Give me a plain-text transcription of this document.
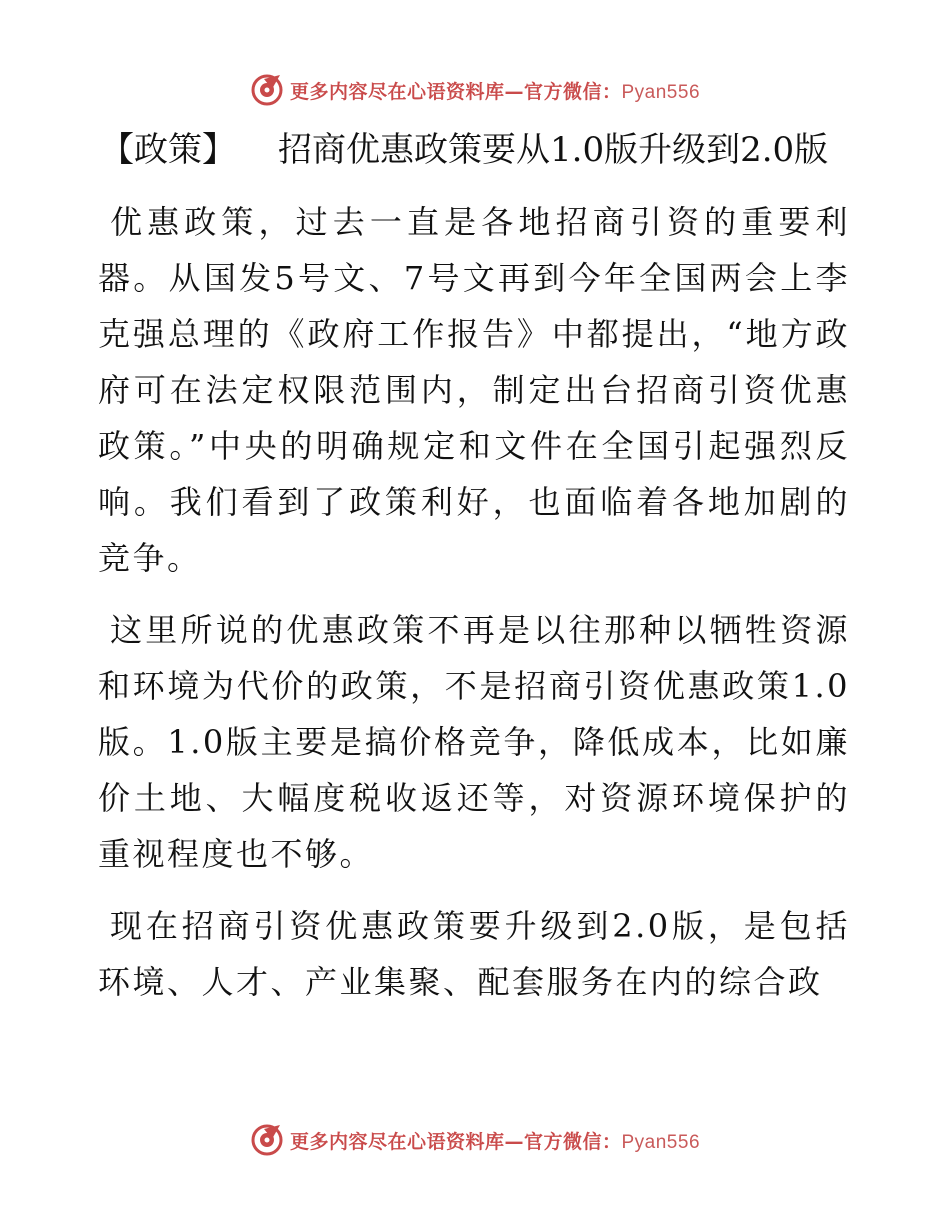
更多内容尽在心语资料库—官方微信：Pyan556
【政策】 招商优惠政策要从1.0版升级到2.0版

优惠政策，过去一直是各地招商引资的重要利器。从国发5号文、7号文再到今年全国两会上李克强总理的《政府工作报告》中都提出，“地方政府可在法定权限范围内，制定出台招商引资优惠政策。”中央的明确规定和文件在全国引起强烈反响。我们看到了政策利好，也面临着各地加剧的竞争。

这里所说的优惠政策不再是以往那种以牺牲资源和环境为代价的政策，不是招商引资优惠政策1.0版。1.0版主要是搞价格竞争，降低成本，比如廉价土地、大幅度税收返还等，对资源环境保护的重视程度也不够。

现在招商引资优惠政策要升级到2.0版，是包括环境、人才、产业集聚、配套服务在内的综合政

更多内容尽在心语资料库—官方微信：Pyan556
